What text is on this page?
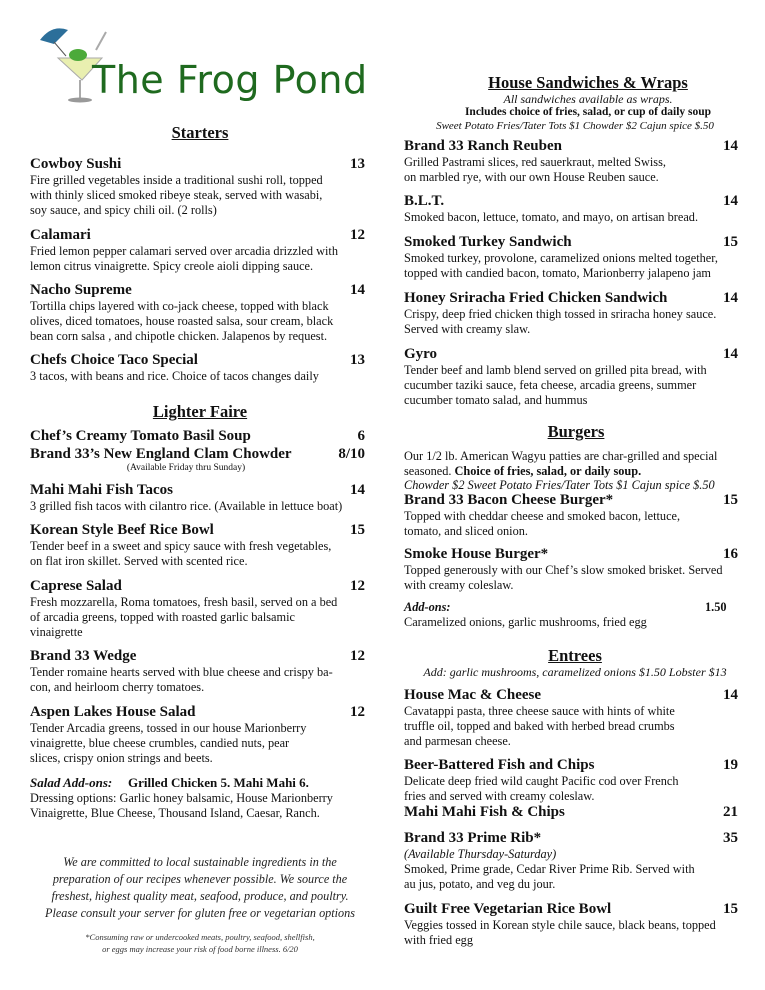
The Frog Pond
Starters
Cowboy Sushi	13
Fire grilled vegetables inside a traditional sushi roll, topped
with thinly sliced smoked ribeye steak, served with wasabi,
soy sauce, and spicy chili oil. (2 rolls)
Calamari	12
Fried lemon pepper calamari served over arcadia drizzled with
lemon citrus vinaigrette. Spicy creole aioli dipping sauce.
Nacho Supreme	14
Tortilla chips layered with co-jack cheese, topped with black
olives, diced tomatoes, house roasted salsa, sour cream, black
bean corn salsa , and chipotle chicken. Jalapenos by request.
Chefs Choice Taco Special	13
3 tacos, with beans and rice. Choice of tacos changes daily
Lighter Faire
Chef’s Creamy Tomato Basil Soup	6
Brand 33’s New England Clam Chowder	8/10
Mahi Mahi Fish Tacos	14
3 grilled fish tacos with cilantro rice. (Available in lettuce boat)
Korean Style Beef Rice Bowl	15
Tender beef in a sweet and spicy sauce with fresh vegetables,
on flat iron skillet. Served with scented rice.
Caprese Salad	12
Fresh mozzarella, Roma tomatoes, fresh basil, served on a bed
of arcadia greens, topped with roasted garlic balsamic
vinaigrette
Brand 33 Wedge	12
Tender romaine hearts served with blue cheese and crispy ba-
con, and heirloom cherry tomatoes.
Aspen Lakes House Salad	12
Tender Arcadia greens, tossed in our house Marionberry
vinaigrette, blue cheese crumbles, candied nuts, pear
slices, crispy onion strings and beets.
(Available Friday thru Sunday)
Salad Add-ons: Grilled Chicken 5. Mahi Mahi 6.
Dressing options: Garlic honey balsamic, House Marionberry
Vinaigrette, Blue Cheese, Thousand Island, Caesar, Ranch.
We are committed to local sustainable ingredients in the
preparation of our recipes whenever possible. We source the
freshest, highest quality meat, seafood, produce, and poultry.
Please consult your server for gluten free or vegetarian options
*Consuming raw or undercooked meats, poultry, seafood, shellfish,
or eggs may increase your risk of food borne illness. 6/20
House Sandwiches & Wraps
All sandwiches available as wraps.
Includes choice of fries, salad, or cup of daily soup
Sweet Potato Fries/Tater Tots $1 Chowder $2 Cajun spice $.50
Brand 33 Ranch Reuben	14
Grilled Pastrami slices, red sauerkraut, melted Swiss,
on marbled rye, with our own House Reuben sauce.
B.L.T.	14
Smoked bacon, lettuce, tomato, and mayo, on artisan bread.
Smoked Turkey Sandwich	15
Smoked turkey, provolone, caramelized onions melted together,
topped with candied bacon, tomato, Marionberry jalapeno jam
Honey Sriracha Fried Chicken Sandwich	14
Crispy, deep fried chicken thigh tossed in sriracha honey sauce.
Served with creamy slaw.
Gyro	14
Tender beef and lamb blend served on grilled pita bread, with
cucumber taziki sauce, feta cheese, arcadia greens, summer
cucumber tomato salad, and hummus
Burgers
Our 1/2 lb. American Wagyu patties are char-grilled and special
seasoned. Choice of fries, salad, or daily soup.
Chowder $2 Sweet Potato Fries/Tater Tots $1 Cajun spice $.50
Brand 33 Bacon Cheese Burger*	15
Topped with cheddar cheese and smoked bacon, lettuce,
tomato, and sliced onion.
Smoke House Burger*	16
Topped generously with our Chef’s slow smoked brisket. Served
with creamy coleslaw.
Add-ons:	1.50
Caramelized onions, garlic mushrooms, fried egg
Entrees
Add: garlic mushrooms, caramelized onions $1.50 Lobster $13
House Mac & Cheese	14
Cavatappi pasta, three cheese sauce with hints of white
truffle oil, topped and baked with herbed bread crumbs
and parmesan cheese.
Beer-Battered Fish and Chips	19
Delicate deep fried wild caught Pacific cod over French
fries and served with creamy coleslaw.
Mahi Mahi Fish & Chips	21
Brand 33 Prime Rib*	35
(Available Thursday-Saturday)
Smoked, Prime grade, Cedar River Prime Rib. Served with
au jus, potato, and veg du jour.
Guilt Free Vegetarian Rice Bowl	15
Veggies tossed in Korean style chile sauce, black beans, topped
with fried egg
